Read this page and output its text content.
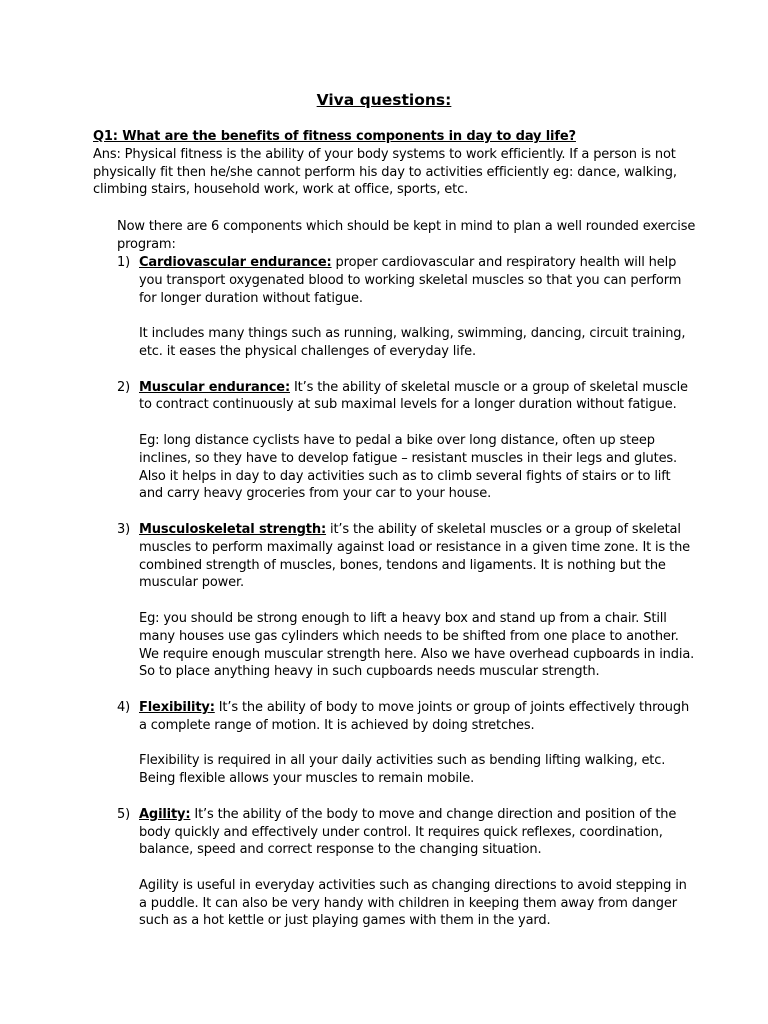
Viva questions:

Q1: What are the benefits of fitness components in day to day life?

Ans: Physical fitness is the ability of your body systems to work efficiently. If a person is not physically fit then he/she cannot perform his day to activities efficiently eg: dance, walking, climbing stairs, household work, work at office, sports, etc.

Now there are 6 components which should be kept in mind to plan a well rounded exercise program:
1) Cardiovascular endurance: proper cardiovascular and respiratory health will help you transport oxygenated blood to working skeletal muscles so that you can perform for longer duration without fatigue.

It includes many things such as running, walking, swimming, dancing, circuit training, etc. it eases the physical challenges of everyday life.

2) Muscular endurance: It’s the ability of skeletal muscle or a group of skeletal muscle to contract continuously at sub maximal levels for a longer duration without fatigue.

Eg: long distance cyclists have to pedal a bike over long distance, often up steep inclines, so they have to develop fatigue – resistant muscles in their legs and glutes. Also it helps in day to day activities such as to climb several fights of stairs or to lift and carry heavy groceries from your car to your house.

3) Musculoskeletal strength: it’s the ability of skeletal muscles or a group of skeletal muscles to perform maximally against load or resistance in a given time zone. It is the combined strength of muscles, bones, tendons and ligaments. It is nothing but the muscular power.

Eg: you should be strong enough to lift a heavy box and stand up from a chair. Still many houses use gas cylinders which needs to be shifted from one place to another. We require enough muscular strength here. Also we have overhead cupboards in india. So to place anything heavy in such cupboards needs muscular strength.

4) Flexibility: It’s the ability of body to move joints or group of joints effectively through a complete range of motion. It is achieved by doing stretches.

Flexibility is required in all your daily activities such as bending lifting walking, etc. Being flexible allows your muscles to remain mobile.

5) Agility: It’s the ability of the body to move and change direction and position of the body quickly and effectively under control. It requires quick reflexes, coordination, balance, speed and correct response to the changing situation.

Agility is useful in everyday activities such as changing directions to avoid stepping in a puddle. It can also be very handy with children in keeping them away from danger such as a hot kettle or just playing games with them in the yard.
